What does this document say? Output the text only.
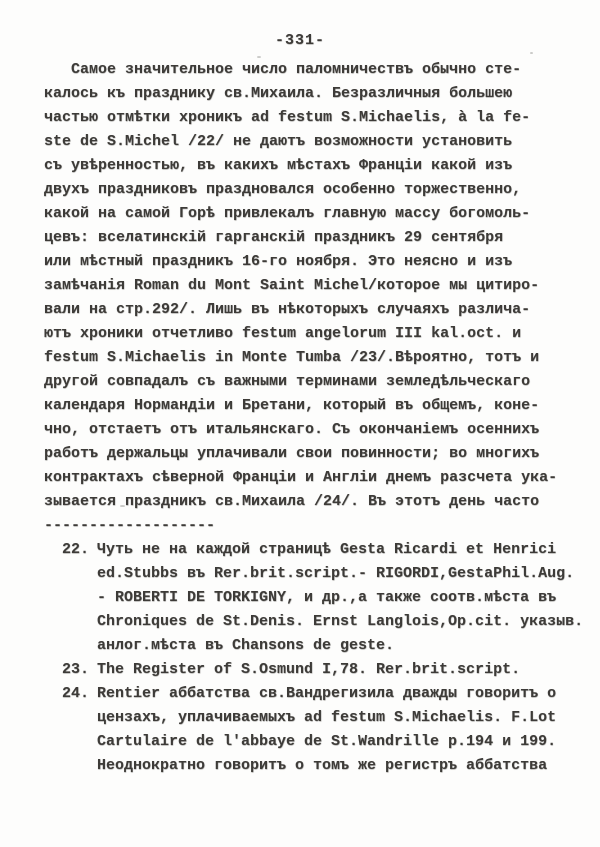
-331-
Самое значительное число паломничествъ обычно сте-
калось къ празднику св.Михаила. Безразличныя большею
частью отмѣтки хроникъ ad festum S.Michaelis, à la fe-
ste de S.Michel /22/ не даютъ возможности установить
съ увѣренностью, въ какихъ мѣстахъ Франціи какой изъ
двухъ праздниковъ праздновался особенно торжественно,
какой на самой Горѣ привлекалъ главную массу богомоль-
цевъ: вселатинскій гарганскій праздникъ 29 сентября
или мѣстный праздникъ 16-го ноября. Это неясно и изъ
замѣчанія Roman du Mont Saint Michel/которое мы цитиро-
вали на стр.292/. Лишь въ нѣкоторыхъ случаяхъ различа-
ютъ хроники отчетливо festum angelorum III kal.oct. и
festum S.Michaelis in Monte Tumba /23/.Вѣроятно, тотъ и
другой совпадалъ съ важными терминами земледѣльческаго
календаря Нормандіи и Бретани, который въ общемъ, коне-
чно, отстаетъ отъ итальянскаго. Съ окончаніемъ осеннихъ
работъ держальцы уплачивали свои повинности; во многихъ
контрактахъ сѣверной Франціи и Англіи днемъ разсчета ука-
зывается праздникъ св.Михаила /24/. Въ этотъ день часто
-------------------
22. Чуть не на каждой страницѣ Gesta Ricardi et Henrici
ed.Stubbs въ Rer.brit.script.- RIGORDI,GestaPhil.Aug.
- ROBERTI DE TORKIGNY, и др.,а также соотв.мѣста въ
Chroniques de St.Denis. Ernst Langlois,Op.cit. указыв.
анлог.мѣста въ Chansons de geste.
23. The Register of S.Osmund I,78. Rer.brit.script.
24. Rentier аббатства св.Вандрегизила дважды говоритъ о
цензахъ, уплачиваемыхъ ad festum S.Michaelis. F.Lot
Cartulaire de l'abbaye de St.Wandrille p.194 и 199.
Неоднократно говоритъ о томъ же регистръ аббатства
